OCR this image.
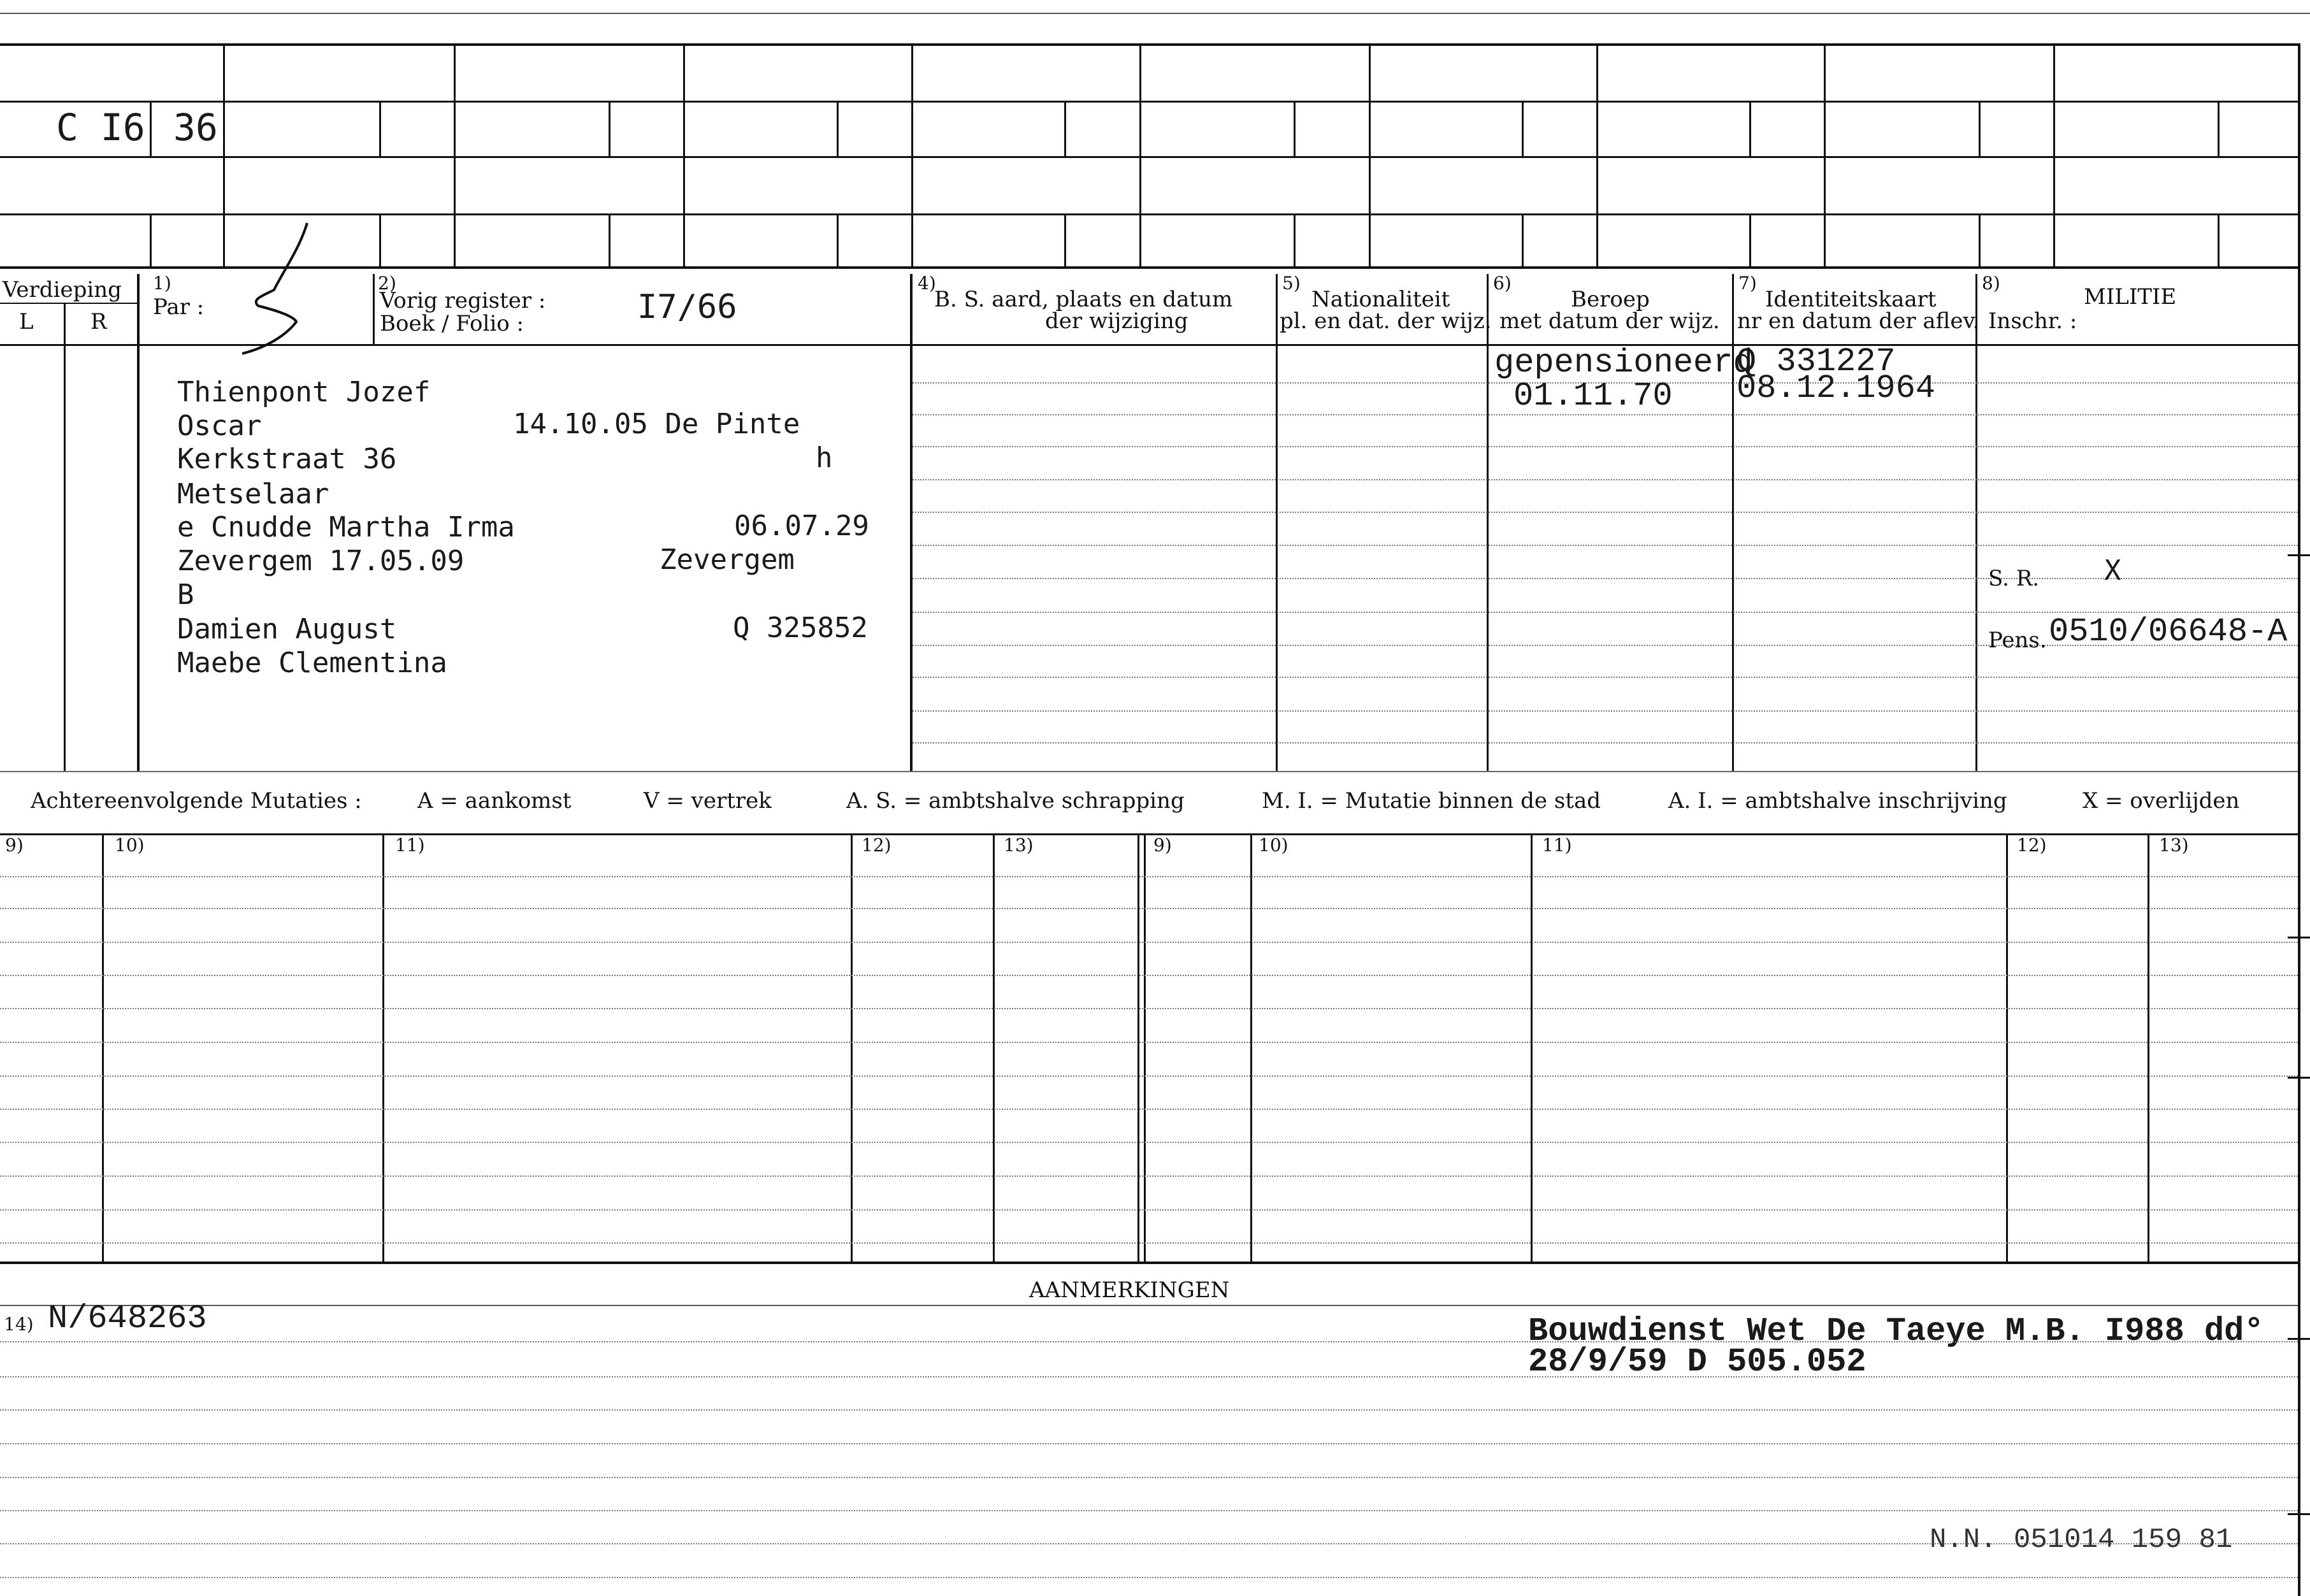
C I6 36
Verdieping
L	R
1)
Par :
2)
Vorig register :
Boek / Folio :	I7/66
4)
B. S. aard, plaats en datum
der wijziging
5)
Nationaliteit
pl. en dat. der wijz.
6)
Beroep
met datum der wijz.
7)
Identiteitskaart
nr en datum der aflev.
8)
MILITIE
Inschr. :
Thienpont Jozef
Oscar	14.10.05 De Pinte
Kerkstraat 36	h
Metselaar
e Cnudde Martha Irma	06.07.29
Zevergem 17.05.09	Zevergem
B
Damien August	Q 325852
Maebe Clementina
gepensioneerd
01.11.70
Q 331227
08.12.1964
S. R. X
Pens. 0510/06648-A
Achtereenvolgende Mutaties :	A = aankomst	V = vertrek	A. S. = ambtshalve schrapping	M. I. = Mutatie binnen de stad	A. I. = ambtshalve inschrijving	X = overlijden
9)	10)	11)	12)	13)	9)	10)	11)	12)	13)
AANMERKINGEN
14) N/648263	Bouwdienst Wet De Taeye M.B. I988 dd°
28/9/59 D 505.052
N.N. 051014 159 81
